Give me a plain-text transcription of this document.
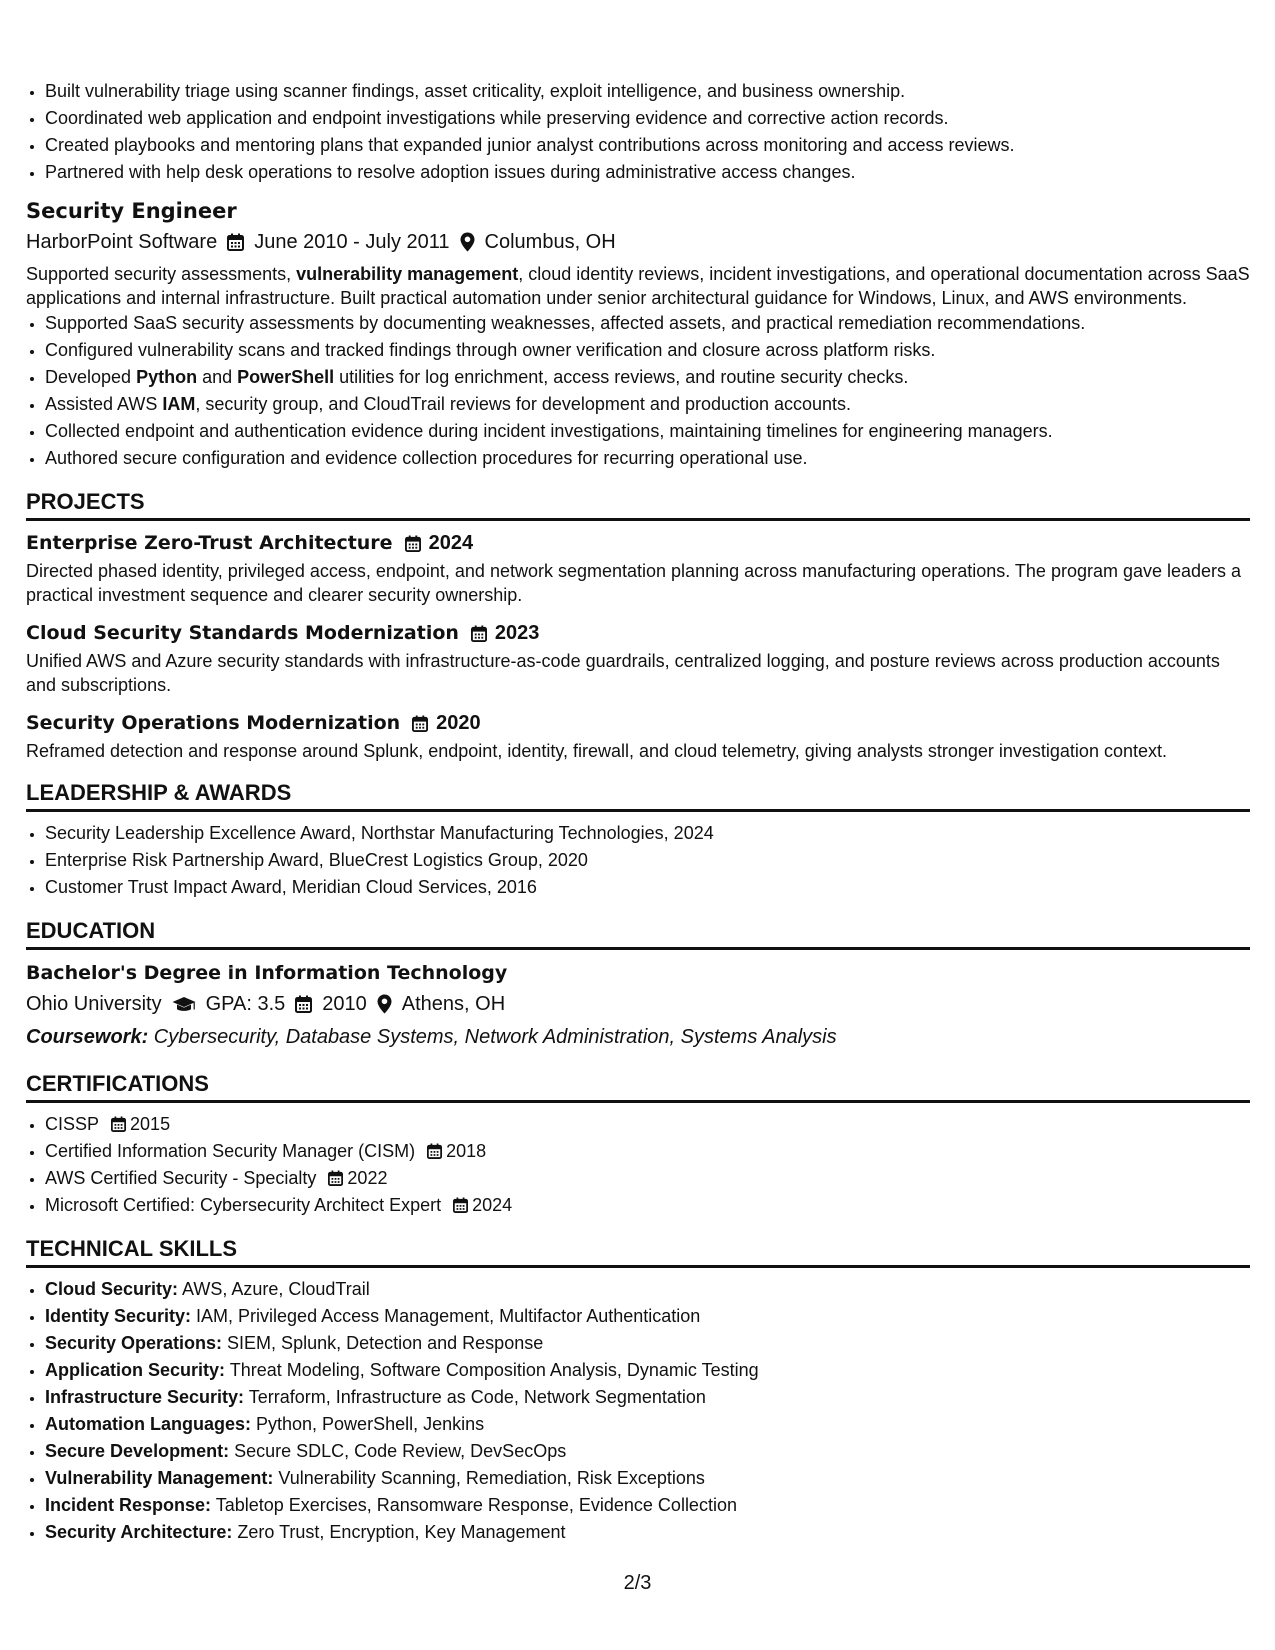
• Built vulnerability triage using scanner findings, asset criticality, exploit intelligence, and business ownership.
• Coordinated web application and endpoint investigations while preserving evidence and corrective action records.
• Created playbooks and mentoring plans that expanded junior analyst contributions across monitoring and access reviews.
• Partnered with help desk operations to resolve adoption issues during administrative access changes.
Security Engineer
HarborPoint Software June 2010 - July 2011 Columbus, OH
Supported security assessments, vulnerability management, cloud identity reviews, incident investigations, and operational documentation across SaaS applications and internal infrastructure. Built practical automation under senior architectural guidance for Windows, Linux, and AWS environments.
• Supported SaaS security assessments by documenting weaknesses, affected assets, and practical remediation recommendations.
• Configured vulnerability scans and tracked findings through owner verification and closure across platform risks.
• Developed Python and PowerShell utilities for log enrichment, access reviews, and routine security checks.
• Assisted AWS IAM, security group, and CloudTrail reviews for development and production accounts.
• Collected endpoint and authentication evidence during incident investigations, maintaining timelines for engineering managers.
• Authored secure configuration and evidence collection procedures for recurring operational use.
PROJECTS
Enterprise Zero-Trust Architecture 2024
Directed phased identity, privileged access, endpoint, and network segmentation planning across manufacturing operations. The program gave leaders a practical investment sequence and clearer security ownership.
Cloud Security Standards Modernization 2023
Unified AWS and Azure security standards with infrastructure-as-code guardrails, centralized logging, and posture reviews across production accounts and subscriptions.
Security Operations Modernization 2020
Reframed detection and response around Splunk, endpoint, identity, firewall, and cloud telemetry, giving analysts stronger investigation context.
LEADERSHIP & AWARDS
• Security Leadership Excellence Award, Northstar Manufacturing Technologies, 2024
• Enterprise Risk Partnership Award, BlueCrest Logistics Group, 2020
• Customer Trust Impact Award, Meridian Cloud Services, 2016
EDUCATION
Bachelor's Degree in Information Technology
Ohio University GPA: 3.5 2010 Athens, OH
Coursework: Cybersecurity, Database Systems, Network Administration, Systems Analysis
CERTIFICATIONS
• CISSP 2015
• Certified Information Security Manager (CISM) 2018
• AWS Certified Security - Specialty 2022
• Microsoft Certified: Cybersecurity Architect Expert 2024
TECHNICAL SKILLS
• Cloud Security: AWS, Azure, CloudTrail
• Identity Security: IAM, Privileged Access Management, Multifactor Authentication
• Security Operations: SIEM, Splunk, Detection and Response
• Application Security: Threat Modeling, Software Composition Analysis, Dynamic Testing
• Infrastructure Security: Terraform, Infrastructure as Code, Network Segmentation
• Automation Languages: Python, PowerShell, Jenkins
• Secure Development: Secure SDLC, Code Review, DevSecOps
• Vulnerability Management: Vulnerability Scanning, Remediation, Risk Exceptions
• Incident Response: Tabletop Exercises, Ransomware Response, Evidence Collection
• Security Architecture: Zero Trust, Encryption, Key Management
2/3
